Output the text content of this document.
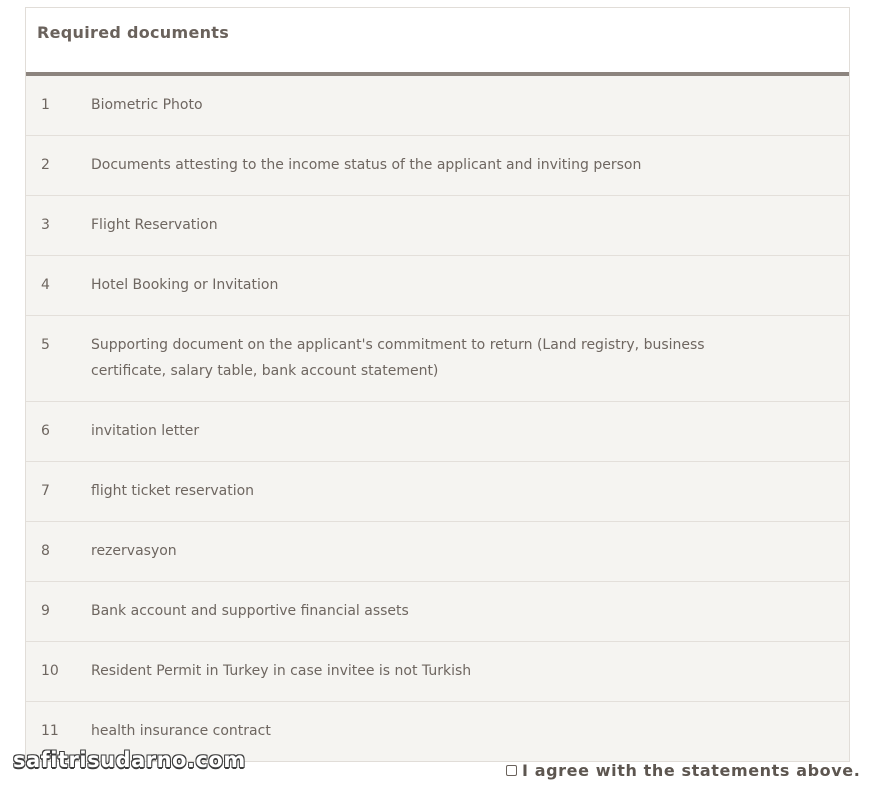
Required documents
1	Biometric Photo
2	Documents attesting to the income status of the applicant and inviting person
3	Flight Reservation
4	Hotel Booking or Invitation
5	Supporting document on the applicant's commitment to return (Land registry, business certificate, salary table, bank account statement)
6	invitation letter
7	flight ticket reservation
8	rezervasyon
9	Bank account and supportive financial assets
10	Resident Permit in Turkey in case invitee is not Turkish
11	health insurance contract
safitrisudarno.com	I agree with the statements above.
